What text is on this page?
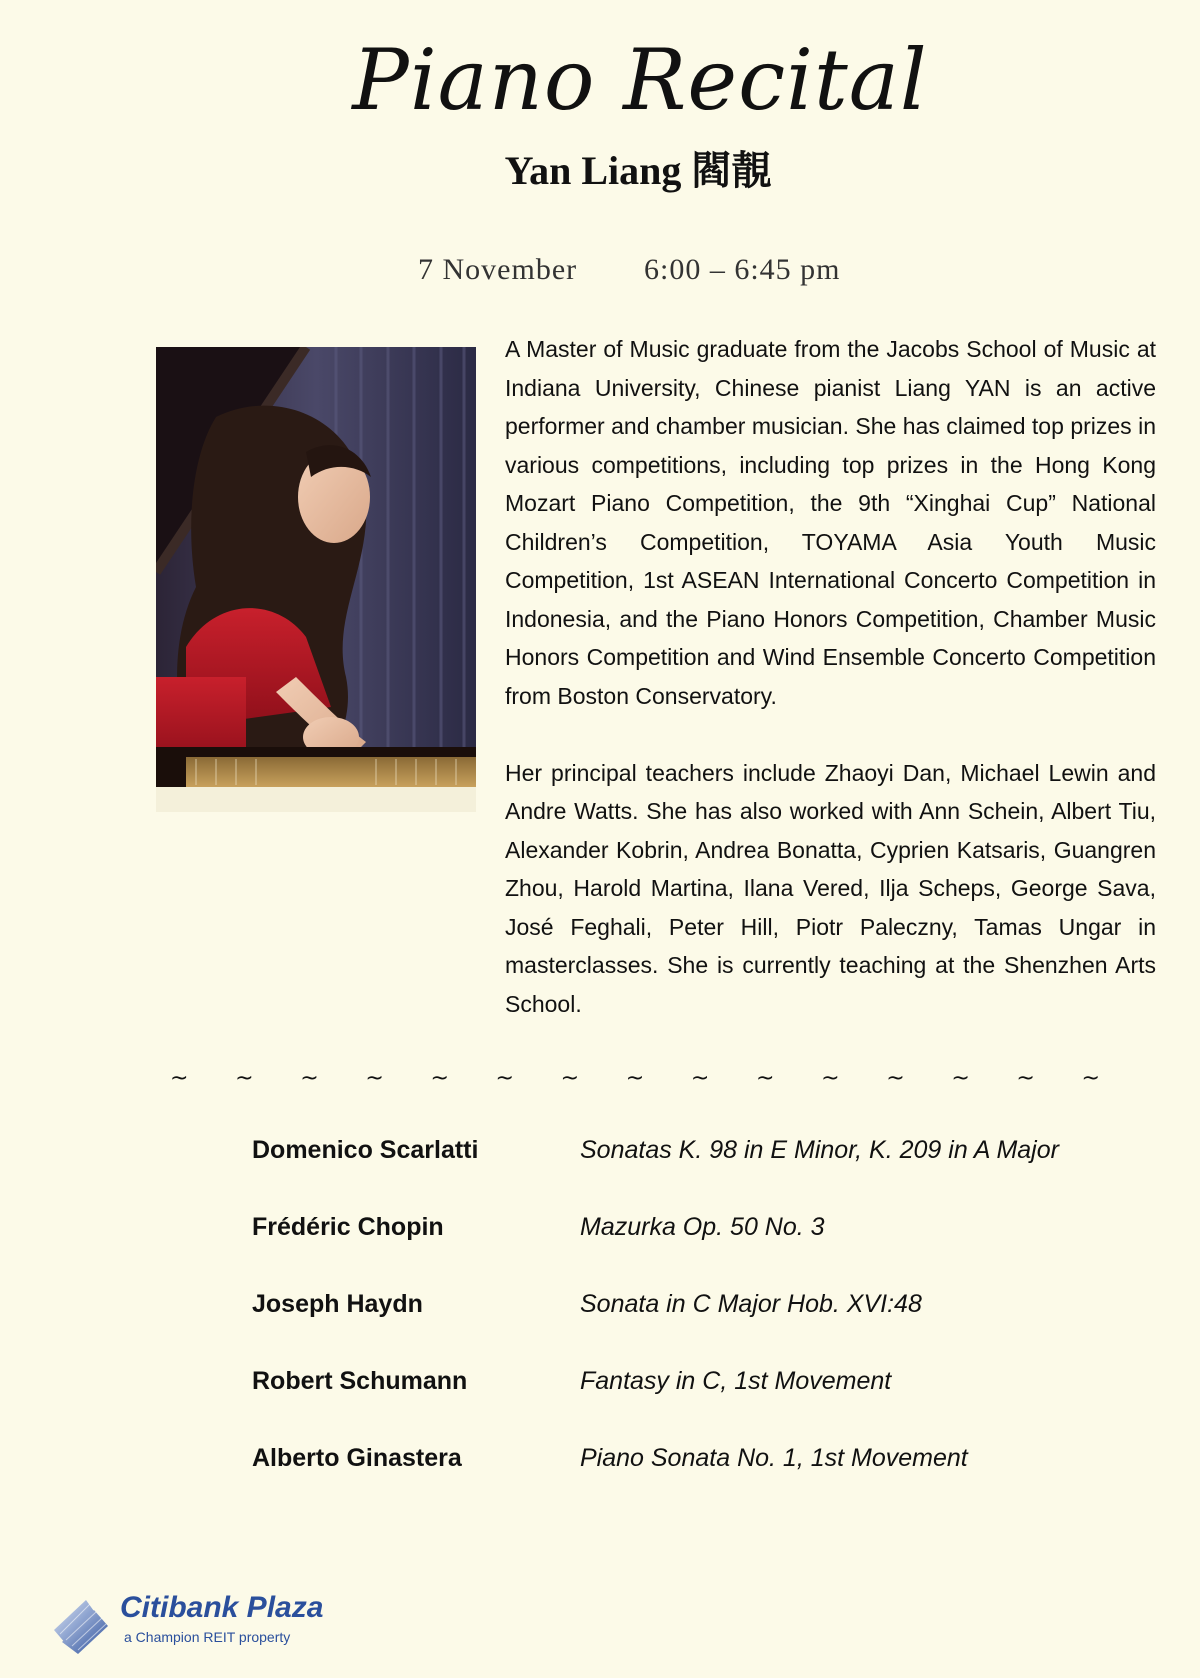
Piano Recital
Yan Liang 閻靚
7 November 6:00 – 6:45 pm

A Master of Music graduate from the Jacobs School of Music at Indiana University, Chinese pianist Liang YAN is an active performer and chamber musician. She has claimed top prizes in various competitions, including top prizes in the Hong Kong Mozart Piano Competition, the 9th “Xinghai Cup” National Children’s Competition, TOYAMA Asia Youth Music Competition, 1st ASEAN International Concerto Competition in Indonesia, and the Piano Honors Competition, Chamber Music Honors Competition and Wind Ensemble Concerto Competition from Boston Conservatory.

Her principal teachers include Zhaoyi Dan, Michael Lewin and Andre Watts. She has also worked with Ann Schein, Albert Tiu, Alexander Kobrin, Andrea Bonatta, Cyprien Katsaris, Guangren Zhou, Harold Martina, Ilana Vered, Ilja Scheps, George Sava, José Feghali, Peter Hill, Piotr Paleczny, Tamas Ungar in masterclasses. She is currently teaching at the Shenzhen Arts School.

~ ~ ~ ~ ~ ~ ~ ~ ~ ~ ~ ~ ~ ~ ~
Domenico Scarlatti	Sonatas K. 98 in E Minor, K. 209 in A Major
Frédéric Chopin	Mazurka Op. 50 No. 3
Joseph Haydn	Sonata in C Major Hob. XVI:48
Robert Schumann	Fantasy in C, 1st Movement
Alberto Ginastera	Piano Sonata No. 1, 1st Movement
Citibank Plaza
a Champion REIT property
